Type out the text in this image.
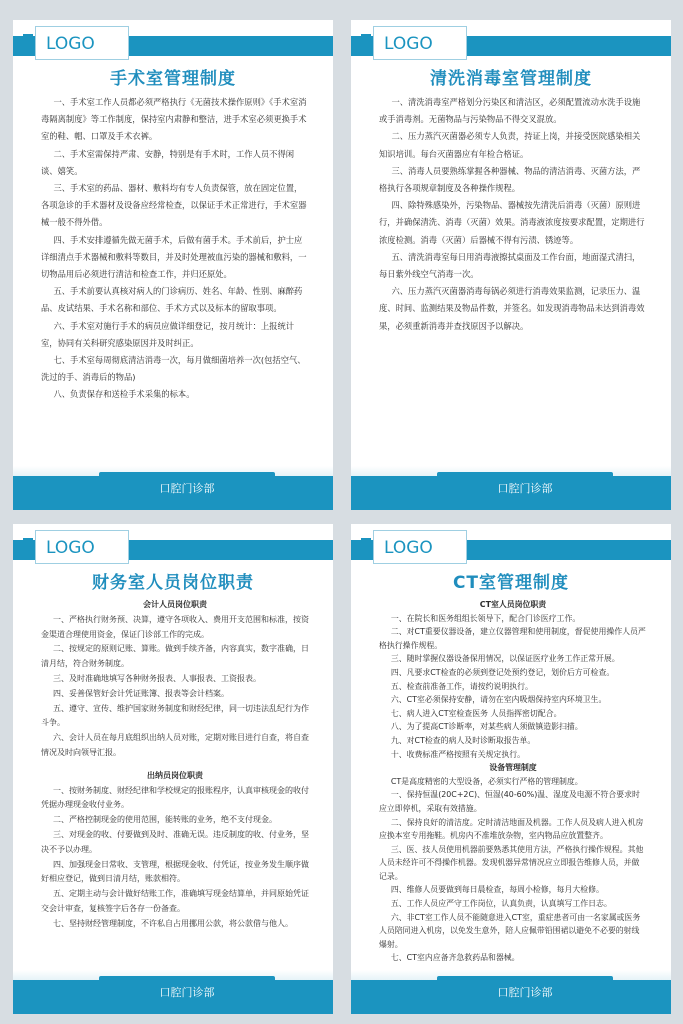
LOGO
手术室管理制度

一、手术室工作人员都必须严格执行《无菌技术操作原则》《手术室消毒隔离制度》等工作制度，保持室内肃静和整洁，进手术室必须更换手术室的鞋、帽、口罩及手术衣裤。

二、手术室需保持严肃、安静，特别是有手术时，工作人员不得闲谈、嬉笑。

三、手术室的药品、器材、敷料均有专人负责保管，放在固定位置，各项急诊的手术器材及设备应经常检查，以保证手术正常进行，手术室器械一般不得外借。

四、手术安排遵循先做无菌手术，后做有菌手术。手术前后，护士应详细清点手术器械和敷料等数目，并及时处理被血污染的器械和敷料，一切物品用后必须进行清洁和检查工作，并归还原处。

五、手术前要认真核对病人的门诊病历、姓名、年龄、性别、麻醉药品、皮试结果、手术名称和部位、手术方式以及标本的留取事项。

六、手术室对施行手术的病员应做详细登记，按月统计：上报统计室，协同有关科研究感染原因并及时纠正。

七、手术室每周彻底清洁消毒一次，每月做细菌培养一次(包括空气、洗过的手、消毒后的物品)

八、负责保存和送检手术采集的标本。

口腔门诊部
LOGO
清洗消毒室管理制度

一、清洗消毒室严格划分污染区和清洁区，必须配置流动水洗手设施或手消毒剂。无菌物品与污染物品不得交叉混放。

二、压力蒸汽灭菌器必须专人负责，持证上岗，并接受医院感染相关知识培训。每台灭菌器应有年检合格证。

三、消毒人员要熟练掌握各种器械、物品的清洁消毒、灭菌方法，严格执行各项规章制度及各种操作规程。

四、除特殊感染外，污染物品、器械按先清洗后消毒（灭菌）原则进行，并确保清洗、消毒（灭菌）效果。消毒液浓度按要求配置，定期进行浓度检测。消毒（灭菌）后器械不得有污渍、锈迹等。

五、清洗消毒室每日用消毒液擦拭桌面及工作台面，地面湿式清扫，每日紫外线空气消毒一次。

六、压力蒸汽灭菌器消毒每锅必须进行消毒效果监测，记录压力、温度、时间、监测结果及物品件数，并签名。如发现消毒物品未达到消毒效果，必须重新消毒并查找原因予以解决。

口腔门诊部
LOGO
财务室人员岗位职责

会计人员岗位职责

一、严格执行财务预、决算，遵守各项收入、费用开支范围和标准，按资金渠道合理使用资金，保证门诊部工作的完成。

二、按规定的原则记账、算账。做到手续齐备，内容真实，数字准确，日清月结，符合财务制度。

三、及时准确地填写各种财务报表、人事报表、工资报表。

四、妥善保管好会计凭证账簿、报表等会计档案。

五、遵守、宣传、维护国家财务制度和财经纪律，同一切违法乱纪行为作斗争。

六、会计人员在每月底组织出纳人员对账，定期对账目进行自查，将自查情况及时向领导汇报。

出纳员岗位职责

一、按财务制度、财经纪律和学校规定的报账程序，认真审核现金的收付凭据办理现金收付业务。

二、严格控制现金的使用范围，能转账的业务，绝不支付现金。

三、对现金的收、付要做到及时、准确无误。违反制度的收、付业务，坚决不予以办理。

四、加强现金日常收、支管理，根据现金收、付凭证，按业务发生顺序做好相应登记，做到日清月结，账款相符。

五、定期主动与会计做好结账工作，准确填写现金结算单，并同原始凭证交会计审查，复核签字后各存一份备查。

七、坚持财经管理制度，不许私自占用挪用公款，将公款借与他人。

口腔门诊部
LOGO
CT室管理制度

CT室人员岗位职责

一、在院长和医务组组长领导下，配合门诊医疗工作。

二、对CT重要仪器设备，建立仪器管理和使用制度，督促使用操作人员严格执行操作规程。

三、随时掌握仪器设备保用情况，以保证医疗业务工作正常开展。

四、凡要求CT检查的必须到登记处预约登记，划价后方可检查。

五、检查前准备工作，请按约说明执行。

六、CT室必须保持安静，请勿在室内吸烟保持室内环境卫生。

七、病人进入CT室检查医务 人员指挥密切配合。

八、为了提高CT诊断率，对某些病人须做镇造影扫描。

九、对CT检查的病人及时诊断取报告单。

十、收费标准严格按照有关规定执行。

设备管理制度

CT是高度精密的大型设备，必须实行严格的管理制度。

一、保持恒温(20C+2C)、恒湿(40-60%)温、湿度及电源不符合要求时应立即停机，采取有效措施。

二、保持良好的清洁度。定时清洁地面及机器。工作人员及病人进入机房应换本室专用拖鞋。机房内不准堆放杂物，室内物品应放置整齐。

三、医、技人员使用机器前要熟悉其使用方法，严格执行操作规程。其他人员未经许可不得操作机器。发现机器异常情况应立即报告维修人员，并做记录。

四、维修人员要做到每日晨检查，每周小检修，每月大检修。

五、工作人员应严守工作岗位，认真负责，认真填写工作日志。

六、非CT室工作人员不能随意进入CT室，重症患者可由一名家属或医务人员陪同进入机房，以免发生意外，陪人应佩带铅围裙以避免不必要的射线爆射。

七、CT室内应备齐急救药品和器械。

口腔门诊部
